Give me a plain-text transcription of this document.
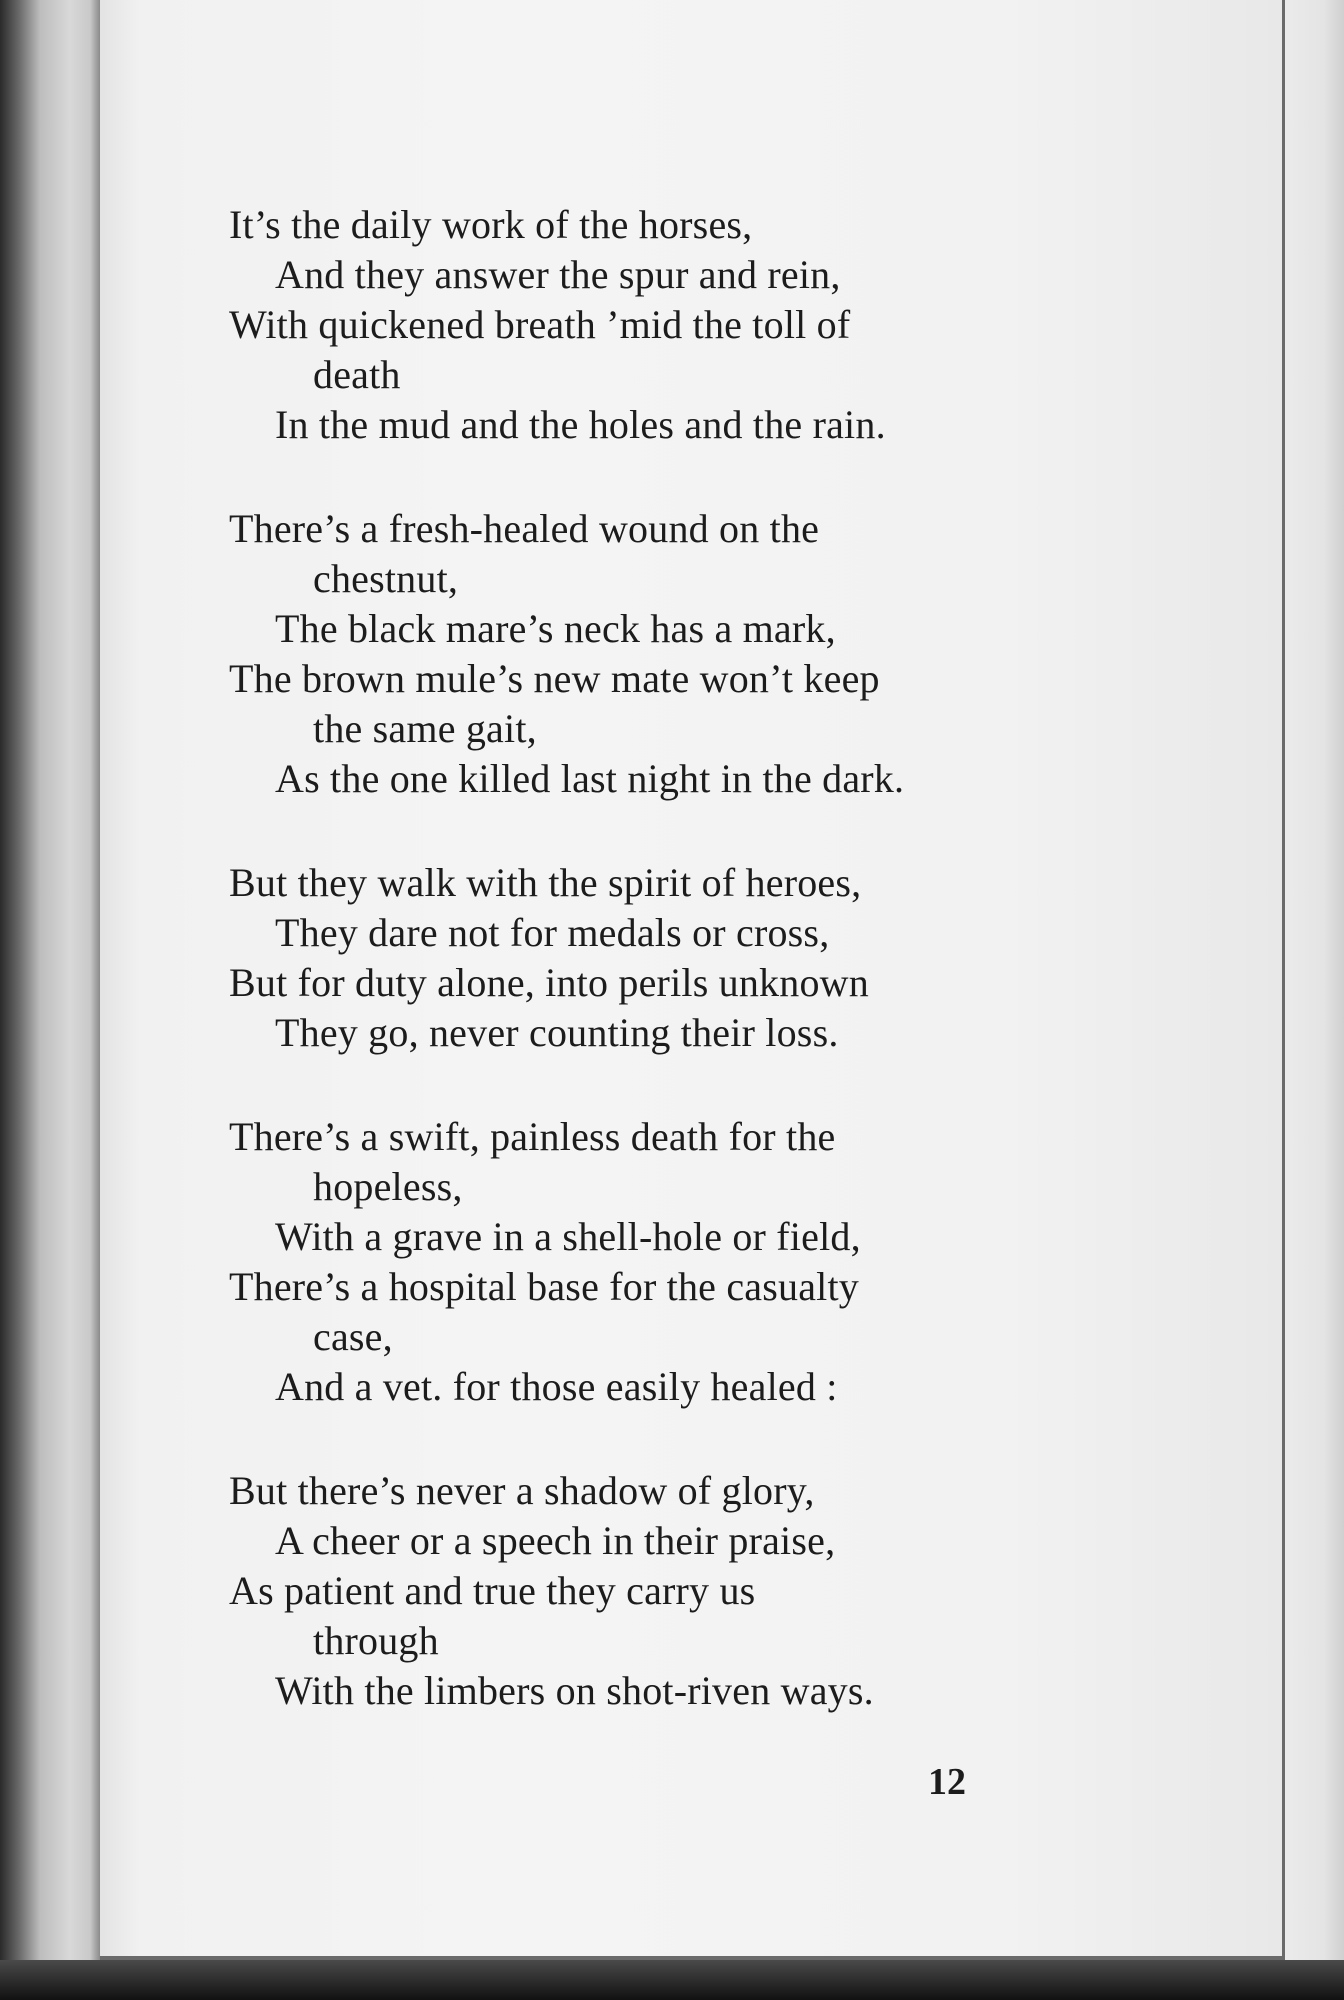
It’s the daily work of the horses,
And they answer the spur and rein,
With quickened breath ’mid the toll of
death
In the mud and the holes and the rain.
There’s a fresh-healed wound on the
chestnut,
The black mare’s neck has a mark,
The brown mule’s new mate won’t keep
the same gait,
As the one killed last night in the dark.
But they walk with the spirit of heroes,
They dare not for medals or cross,
But for duty alone, into perils unknown
They go, never counting their loss.
There’s a swift, painless death for the
hopeless,
With a grave in a shell-hole or field,
There’s a hospital base for the casualty
case,
And a vet. for those easily healed :
But there’s never a shadow of glory,
A cheer or a speech in their praise,
As patient and true they carry us
through
With the limbers on shot-riven ways.
12
